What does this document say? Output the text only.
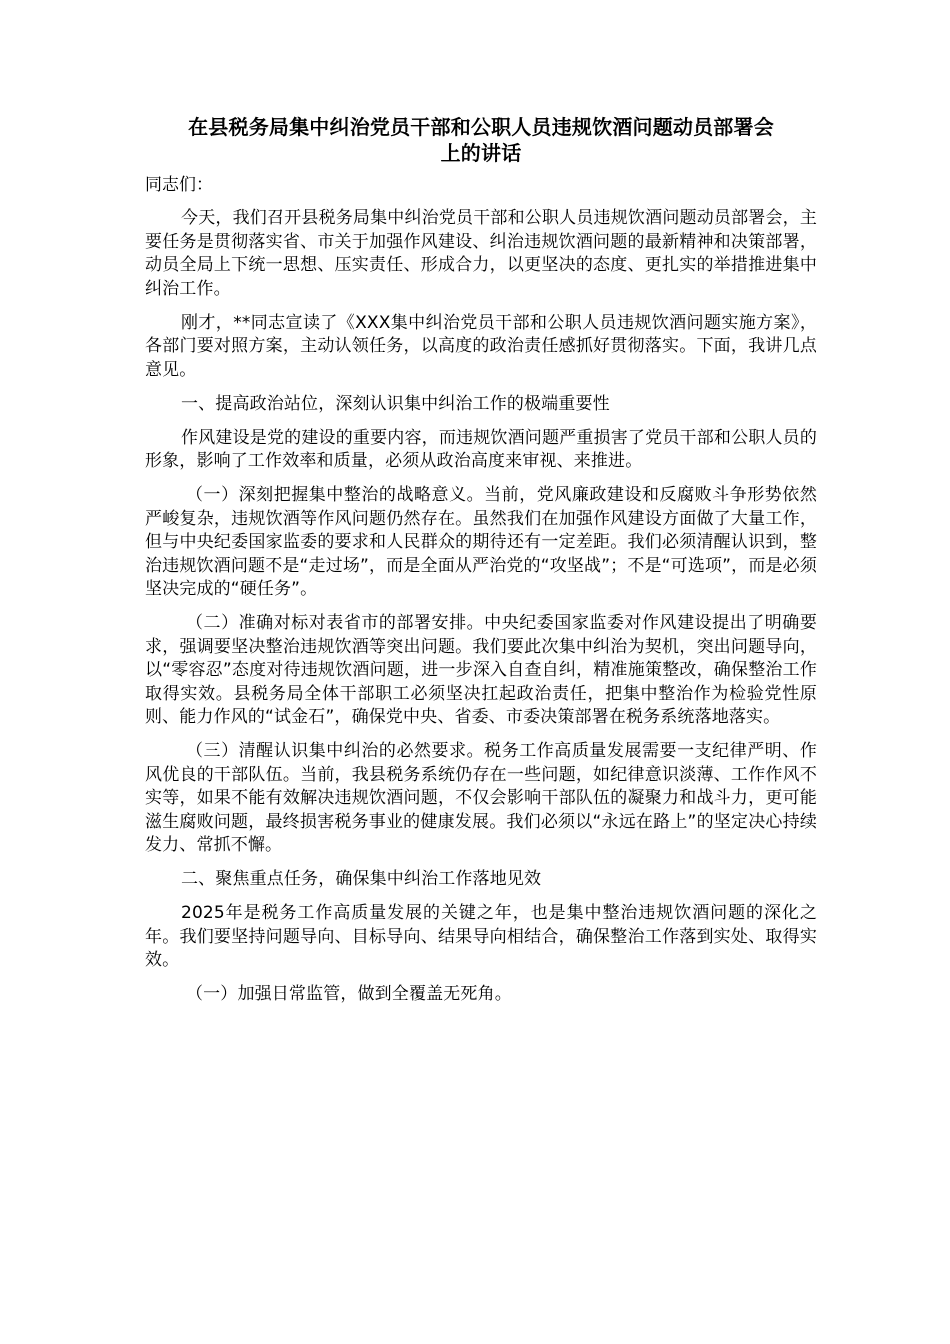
在县税务局集中纠治党员干部和公职人员违规饮酒问题动员部署会
上的讲话

同志们：

今天，我们召开县税务局集中纠治党员干部和公职人员违规饮酒问题动员部署会，主要任务是贯彻落实省、市关于加强作风建设、纠治违规饮酒问题的最新精神和决策部署，动员全局上下统一思想、压实责任、形成合力，以更坚决的态度、更扎实的举措推进集中纠治工作。

刚才，**同志宣读了《XXX集中纠治党员干部和公职人员违规饮酒问题实施方案》，各部门要对照方案，主动认领任务，以高度的政治责任感抓好贯彻落实。下面，我讲几点意见。

一、提高政治站位，深刻认识集中纠治工作的极端重要性

作风建设是党的建设的重要内容，而违规饮酒问题严重损害了党员干部和公职人员的形象，影响了工作效率和质量，必须从政治高度来审视、来推进。

（一）深刻把握集中整治的战略意义。当前，党风廉政建设和反腐败斗争形势依然严峻复杂，违规饮酒等作风问题仍然存在。虽然我们在加强作风建设方面做了大量工作，但与中央纪委国家监委的要求和人民群众的期待还有一定差距。我们必须清醒认识到，整治违规饮酒问题不是“走过场”，而是全面从严治党的“攻坚战”；不是“可选项”，而是必须坚决完成的“硬任务”。

（二）准确对标对表省市的部署安排。中央纪委国家监委对作风建设提出了明确要求，强调要坚决整治违规饮酒等突出问题。我们要此次集中纠治为契机，突出问题导向，以“零容忍”态度对待违规饮酒问题，进一步深入自查自纠，精准施策整改，确保整治工作取得实效。县税务局全体干部职工必须坚决扛起政治责任，把集中整治作为检验党性原则、能力作风的“试金石”，确保党中央、省委、市委决策部署在税务系统落地落实。

（三）清醒认识集中纠治的必然要求。税务工作高质量发展需要一支纪律严明、作风优良的干部队伍。当前，我县税务系统仍存在一些问题，如纪律意识淡薄、工作作风不实等，如果不能有效解决违规饮酒问题，不仅会影响干部队伍的凝聚力和战斗力，更可能滋生腐败问题，最终损害税务事业的健康发展。我们必须以“永远在路上”的坚定决心持续发力、常抓不懈。

二、聚焦重点任务，确保集中纠治工作落地见效

2025年是税务工作高质量发展的关键之年，也是集中整治违规饮酒问题的深化之年。我们要坚持问题导向、目标导向、结果导向相结合，确保整治工作落到实处、取得实效。

（一）加强日常监管，做到全覆盖无死角。
